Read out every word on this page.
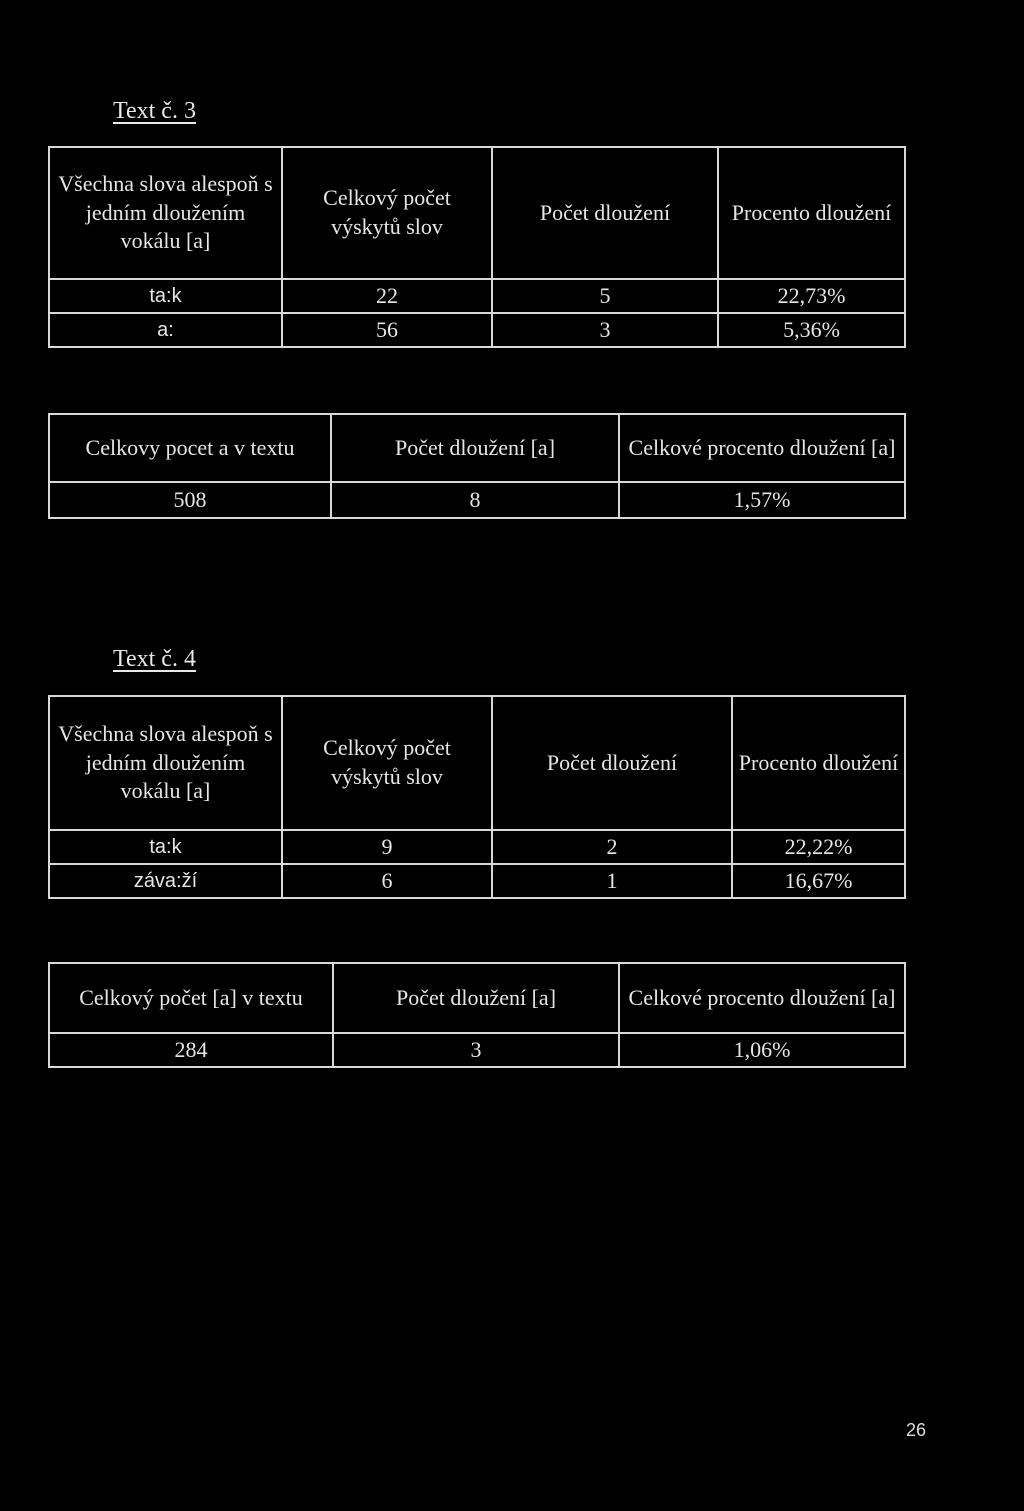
Text č. 3
Všechna slova alespoň s jedním dloužením vokálu [a]	Celkový počet výskytů slov	Počet dloužení	Procento dloužení
ta:k	22	5	22,73%
a:	56	3	5,36%
Celkovy pocet a v textu	Počet dloužení [a]	Celkové procento dloužení [a]
508	8	1,57%
Text č. 4
Všechna slova alespoň s jedním dloužením vokálu [a]	Celkový počet výskytů slov	Počet dloužení	Procento dloužení
ta:k	9	2	22,22%
záva:ží	6	1	16,67%
Celkový počet [a] v textu	Počet dloužení [a]	Celkové procento dloužení [a]
284	3	1,06%
26
